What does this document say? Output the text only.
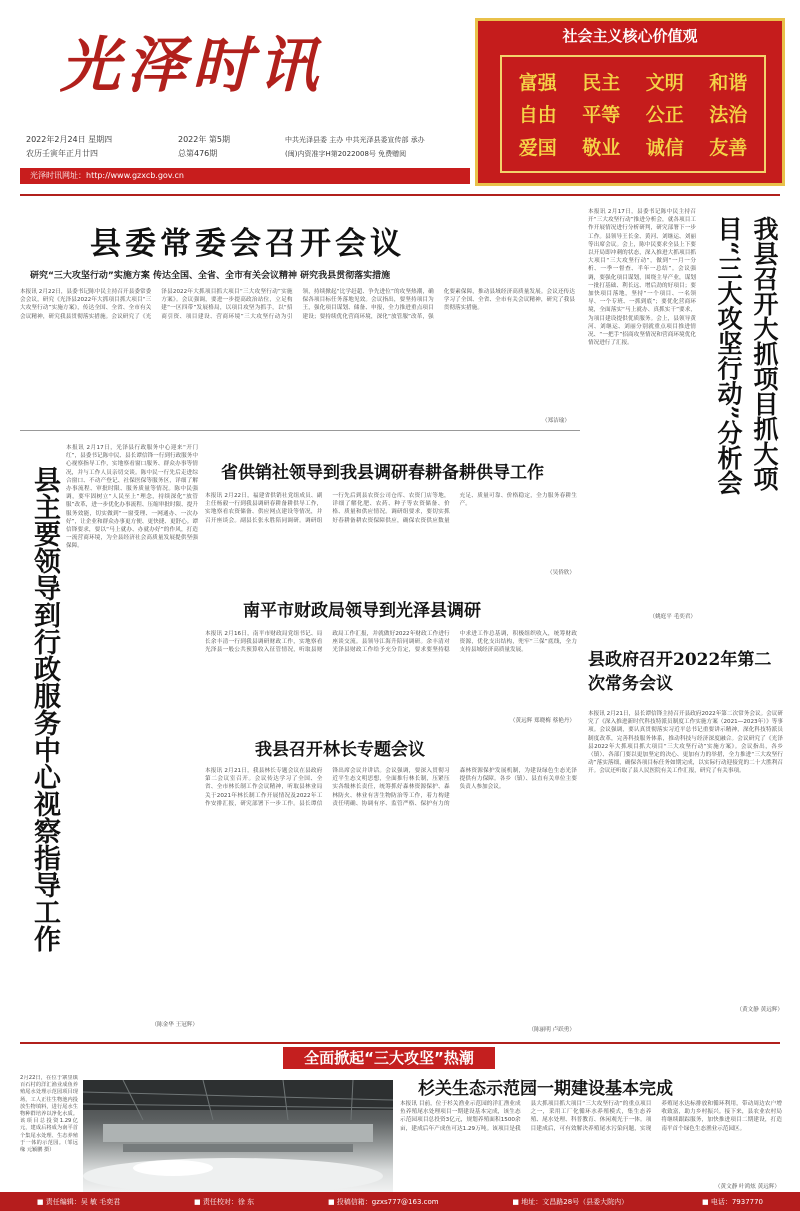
光泽时讯
2022年2月24日 星期四
农历壬寅年正月廿四
2022年 第5期
总第476期
中共光泽县委 主办 中共光泽县委宣传部 承办
(闽)内资准字H第2022008号 免费赠阅
光泽时讯网址：http://www.gzxcb.gov.cn
社会主义核心价值观
富强 民主 文明 和谐
自由 平等 公正 法治
爱国 敬业 诚信 友善
县委常委会召开会议
研究“三大攻坚行动”实施方案 传达全国、全省、全市有关会议精神 研究我县贯彻落实措施
本报讯 2月22日，县委书记陈中民主持召开县委常委会会议，研究《光泽县2022年大抓项目抓大项目“三大攻坚行动”实施方案》，传达全国、全省、全市有关会议精神，研究我县贯彻落实措施。会议研究了《光泽县2022年大抓项目抓大项目“三大攻坚行动”实施方案》。会议强调，要进一步提高政治站位，立足构建“一区四带”发展格局，以项目攻坚为抓手，以“招商引资、项目建设、营商环境”三大攻坚行动为引领，持续掀起“比学赶超、争先进位”的攻坚热潮，确保各项目标任务落地见效。会议指出，要坚持项目为王，强化项目谋划、储备、申报，全力推进重点项目建设；要持续优化营商环境，深化“放管服”改革，强化要素保障，推动县域经济高质量发展。会议还传达学习了全国、全省、全市有关会议精神，研究了我县贯彻落实措施。
（郑洁瑜）
本报讯 2月17日，县委书记陈中民主持召开“三大攻坚行动”推进分析会，就各项目工作开展情况进行分析研判，研究部署下一步工作。县领导王长金、黄河、刘继运、刘丽等出席会议。会上，陈中民要求全县上下要以开局即冲刺的状态，深入推进大抓项目抓大项目“三大攻坚行动”，做到“一月一分析、一季一督查、半年一总结”。会议强调，要强化项目谋划，围绕主导产业，谋划一批打基础、利长远、增后劲的好项目；要加快项目落地，坚持“一个项目、一名领导、一个专班、一抓到底”；要优化营商环境，全面落实“马上就办、真抓实干”要求，为项目建设提供优质服务。会上，县领导黄河、刘继运、刘丽分别就重点项目推进情况、“一把手”招商攻坚情况和营商环境优化情况进行了汇报。	我县召开大抓项目抓大项目“三大攻坚行动”分析会
（姚庭平 毛奕君）
县主要领导到行政服务中心视察指导工作
本报讯 2月17日，光泽县行政服务中心迎来“开门红”，县委书记陈中民、县长谭信锋一行到行政服务中心视察指导工作，实地察看窗口服务、群众办事等情况，并与工作人员亲切交谈。陈中民一行先后走进综合窗口、不动产登记、社保医保等服务区，详细了解办事流程、审批时限、服务质量等情况。陈中民强调，要牢固树立“人民至上”理念，持续深化“放管服”改革，进一步优化办事流程、压缩审批时限、提升服务效能，切实做到“一窗受理、一网通办、一次办好”，让企业和群众办事更方便、更快捷、更舒心。谭信锋要求，要以“马上就办、办就办好”的作风，打造一流营商环境，为全县经济社会高质量发展提供坚强保障。
（陈金华 王冠辉）
省供销社领导到我县调研春耕备耕供导工作
本报讯 2月22日，福建省供销社党组成员、副主任杨毅一行到我县调研春耕备耕供导工作，实地察看农资储备、供应网点建设等情况，并召开座谈会。副县长张永胜陪同调研。调研组一行先后到县农资公司仓库、农资门店等地，详细了解化肥、农药、种子等农资储备、价格、质量和供应情况。调研组要求，要切实抓好春耕备耕农资保障供应，确保农资供应数量充足、质量可靠、价格稳定，全力服务春耕生产。
（吴侨欣）
南平市财政局领导到光泽县调研
本报讯 2月16日，南平市财政局党组书记、局长余丰清一行到我县调研财政工作，实地察看光泽县一般公共预算收入征管情况，听取县财政局工作汇报，并就做好2022年财政工作进行座谈交流。县领导江海升陪同调研。余丰清对光泽县财政工作给予充分肯定，要求要坚持稳中求进工作总基调，积极组织收入，统筹财政资源，优化支出结构，兜牢“三保”底线，全力支持县域经济高质量发展。
（黄远辉 郑晓梅 蔡艳丹）
我县召开林长专题会议
本报讯 2月21日，我县林长专题会议在县政府第二会议室召开。会议传达学习了全国、全省、全市林长制工作会议精神，听取县林业局关于2021年林长制工作开展情况及2022年工作安排汇报，研究部署下一步工作。县长谭信锋出席会议并讲话。会议强调，要深入贯彻习近平生态文明思想，全面推行林长制，压紧压实各级林长责任，统筹抓好森林资源保护、森林防火、林业有害生物防治等工作，着力构建责任明确、协调有序、监管严格、保护有力的森林资源保护发展机制，为建设绿色生态光泽提供有力保障。各乡（镇）、县直有关单位主要负责人参加会议。
（陈丽明 卢跃勇）
县政府召开2022年第二次常务会议
本报讯 2月21日，县长谭信锋主持召开县政府2022年第二次常务会议。会议研究了《深入推进新时代科技特派员制度工作实施方案（2021—2023年）》等事项。会议强调，要认真贯彻落实习近平总书记重要讲示精神，深化科技特派员制度改革，完善科技服务体系，推动科技与经济深度融合。会议研究了《光泽县2022年大抓项目抓大项目“三大攻坚行动”实施方案》。会议指出，各乡（镇）、各部门要以更加坚定的决心、更加有力的举措，全力推进“三大攻坚行动”落实落细，确保各项目标任务如期完成，以实际行动迎接党的二十大胜利召开。会议还听取了县人民医院有关工作汇报，研究了有关事项。
（黄文静 黄远辉）
全面掀起“三大攻坚”热潮
2月22日，在位于寨里镇百石村的洋汇渔业成鱼养殖尾水处理示范园项目现场，工人正往生物池内投放生物填料，进行尾水生物种群培养以净化水质。该项目总投资1.29亿元，建成后将成为南平首个集尾水处理、生态养殖于一体的示范园。（邹远缘 元颖鹏 摄）
杉关生态示范园一期建设基本完成
本报讯 目前，位于杉关渔业示范园的洋汇渔业成鱼养殖尾水处理项目一期建设基本完成，该生态示范园项目总投资3亿元，规划养殖面积1500余亩，建成后年产成鱼可达1.29万吨。该项目是我县大抓项目抓大项目“三大攻坚行动”的重点项目之一，采用工厂化循环水养殖模式，集生态养殖、尾水处理、科普教育、休闲观光于一体。项目建成后，可有效解决养殖尾水污染问题，实现养殖尾水达标排放和循环利用，带动周边农户增收致富，助力乡村振兴。接下来，县农业农村局将继续跟踪服务，加快推进项目二期建设，打造南平首个绿色生态渔业示范园区。
（黄文静 叶鸿炫 黄远辉）
■ 责任编辑：吴 敏 毛奕君	■ 责任校对：徐 东	■ 投稿信箱：gzxs777@163.com	■ 地址：文昌路28号（县委大院内）	■ 电话：7937770
